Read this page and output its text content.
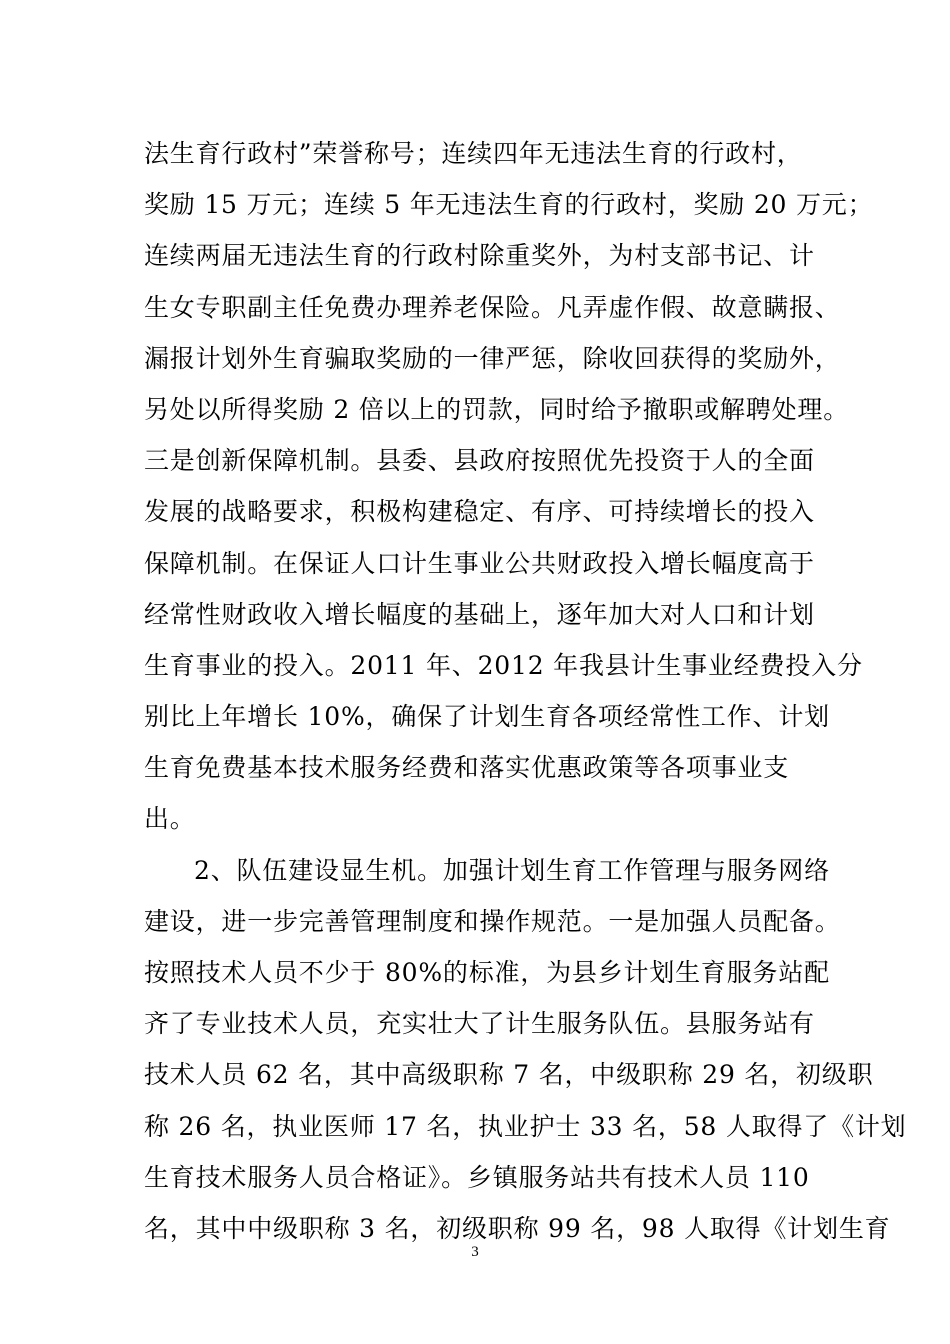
法生育行政村”荣誉称号；连续四年无违法生育的行政村，
奖励 15 万元；连续 5 年无违法生育的行政村，奖励 20 万元；
连续两届无违法生育的行政村除重奖外，为村支部书记、计
生女专职副主任免费办理养老保险。凡弄虚作假、故意瞒报、
漏报计划外生育骗取奖励的一律严惩，除收回获得的奖励外，
另处以所得奖励 2 倍以上的罚款，同时给予撤职或解聘处理。
三是创新保障机制。县委、县政府按照优先投资于人的全面
发展的战略要求，积极构建稳定、有序、可持续增长的投入
保障机制。在保证人口计生事业公共财政投入增长幅度高于
经常性财政收入增长幅度的基础上，逐年加大对人口和计划
生育事业的投入。2011 年、2012 年我县计生事业经费投入分
别比上年增长 10%，确保了计划生育各项经常性工作、计划
生育免费基本技术服务经费和落实优惠政策等各项事业支
出。
2、队伍建设显生机。加强计划生育工作管理与服务网络
建设，进一步完善管理制度和操作规范。一是加强人员配备。
按照技术人员不少于 80%的标准，为县乡计划生育服务站配
齐了专业技术人员，充实壮大了计生服务队伍。县服务站有
技术人员 62 名，其中高级职称 7 名，中级职称 29 名，初级职
称 26 名，执业医师 17 名，执业护士 33 名，58 人取得了《计划
生育技术服务人员合格证》。乡镇服务站共有技术人员 110
名，其中中级职称 3 名，初级职称 99 名，98 人取得《计划生育
3
